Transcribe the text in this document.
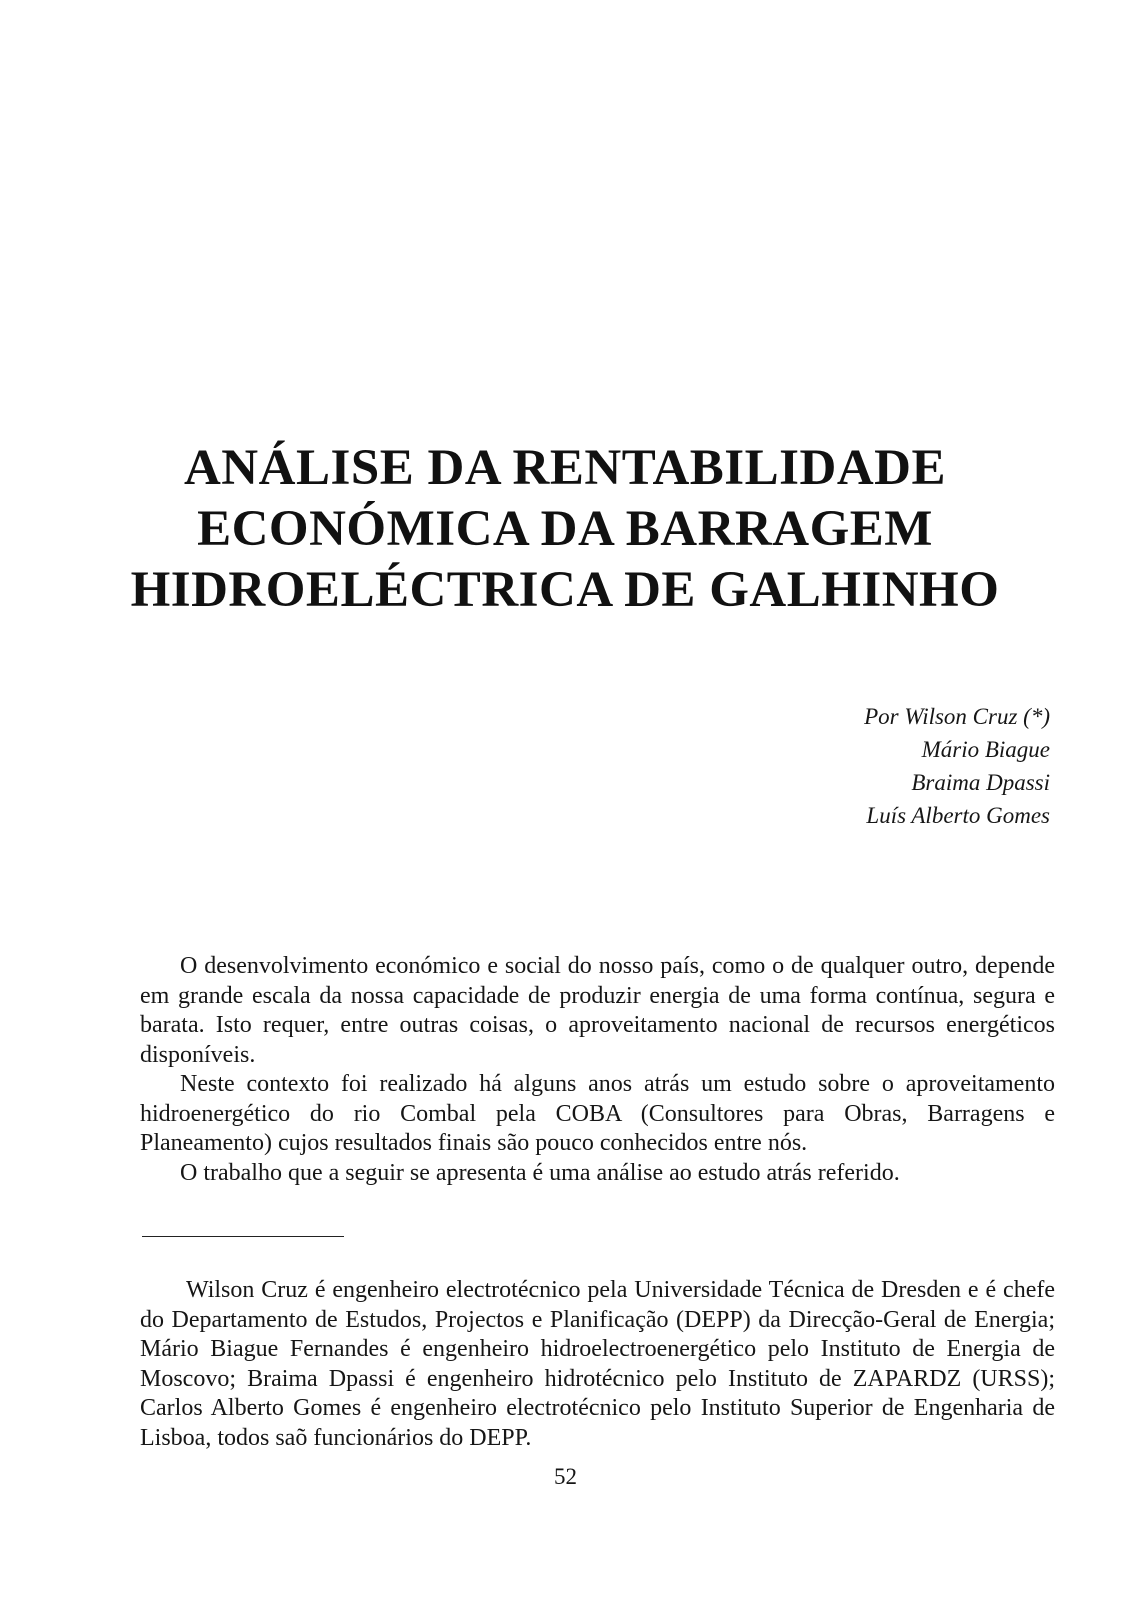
ANÁLISE DA RENTABILIDADE
ECONÓMICA DA BARRAGEM
HIDROELÉCTRICA DE GALHINHO
Por Wilson Cruz (*)
Mário Biague
Braima Dpassi
Luís Alberto Gomes

O desenvolvimento económico e social do nosso país, como o de qualquer outro, depende em grande escala da nossa capacidade de produzir energia de uma forma contínua, segura e barata. Isto requer, entre outras coisas, o aproveitamento nacional de recursos energéticos disponíveis.

Neste contexto foi realizado há alguns anos atrás um estudo sobre o aproveitamento hidroenergético do rio Combal pela COBA (Consultores para Obras, Barragens e Planeamento) cujos resultados finais são pouco conhecidos entre nós.

O trabalho que a seguir se apresenta é uma análise ao estudo atrás referido.

Wilson Cruz é engenheiro electrotécnico pela Universidade Técnica de Dresden e é chefe do Departamento de Estudos, Projectos e Planificação (DEPP) da Direcção-Geral de Energia; Mário Biague Fernandes é engenheiro hidroelectroenergético pelo Instituto de Energia de Moscovo; Braima Dpassi é engenheiro hidrotécnico pelo Instituto de ZAPARDZ (URSS); Carlos Alberto Gomes é engenheiro electrotécnico pelo Instituto Superior de Engenharia de Lisboa, todos saõ funcionários do DEPP.

52
